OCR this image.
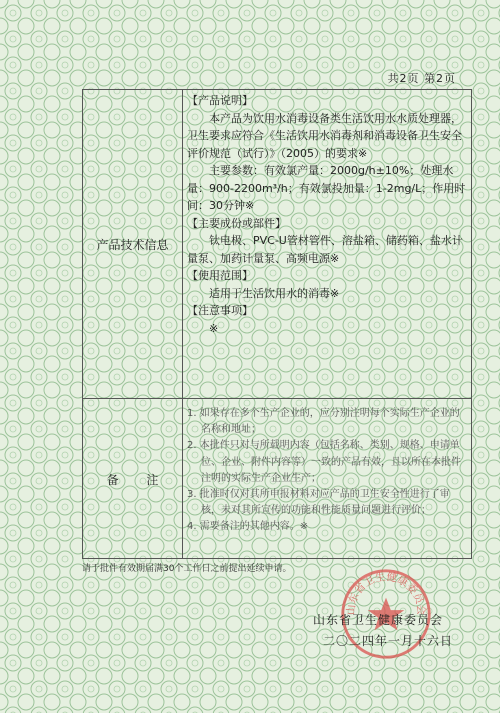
共2页 第2页
产品技术信息
备 注

【产品说明】

本产品为饮用水消毒设备类生活饮用水水质处理器，卫生要求应符合《生活饮用水消毒剂和消毒设备卫生安全评价规范（试行）》（2005）的要求※

主要参数：有效氯产量：2000g/h±10%；处理水量：900-2200m³/h；有效氯投加量：1-2mg/L；作用时间：30分钟※

【主要成份或部件】

钛电极、PVC-U管材管件、溶盐箱、储药箱、盐水计量泵、加药计量泵、高频电源※

【使用范围】

适用于生活饮用水的消毒※

【注意事项】

※

1. 如果存在多个生产企业的，应分别注明每个实际生产企业的名称和地址；

2. 本批件只对与所载明内容（包括名称、类别、规格、申请单位、企业、附件内容等）一致的产品有效，且以所在本批件注明的实际生产企业生产；

3. 批准时仅对其所申报材料对应产品的卫生安全性进行了审核，未对其所宣传的功能和性能质量问题进行评价；

4. 需要备注的其他内容。※

请于批件有效期届满30个工作日之前提出延续申请。
山东省卫生健康委员会
山东省卫生健康委员会
二〇二四年一月十六日
